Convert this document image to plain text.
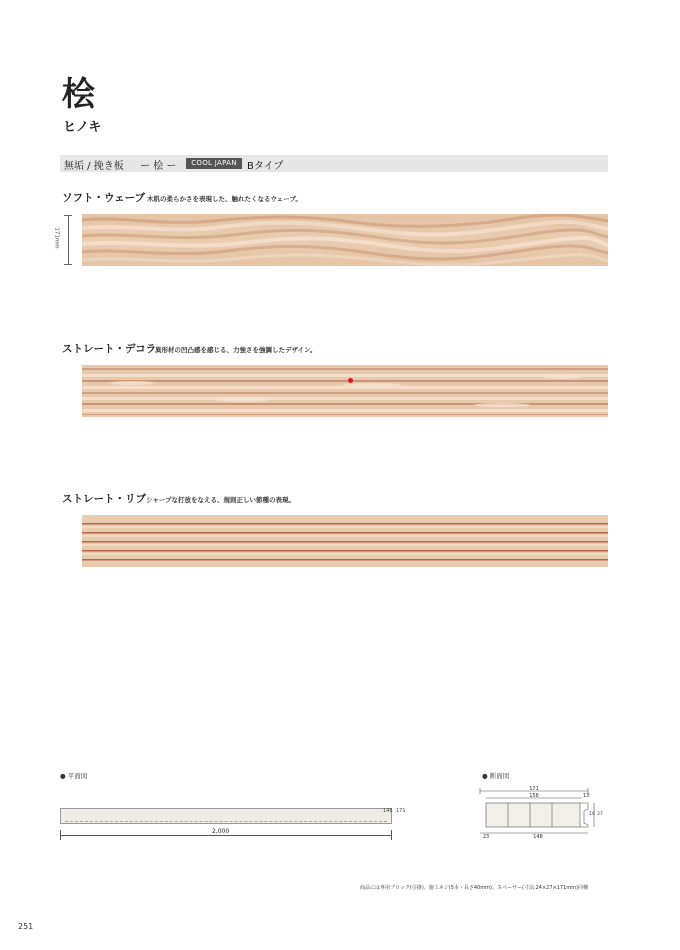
桧
ヒノキ
無垢 / 挽き板 ー 桧 ー	COOL JAPAN	Bタイプ
ソフト・ウェーブ 木肌の柔らかさを表現した、触れたくなるウェーブ。
171mm
ストレート・デコラ
異形材の凹凸感を感じる、力強さを強調したデザイン。
ストレート・リブ シャープな打放をなえる、規則正しい節種の表現。
● 平面図	● 断面図
148 171
2,000
171
158	13
23	148
10 27
商品には専用ブロック(引掛)、施工ネジ(5本・長さ40mm)、スペーサー(寸法:24×27×171mm)同梱
251
